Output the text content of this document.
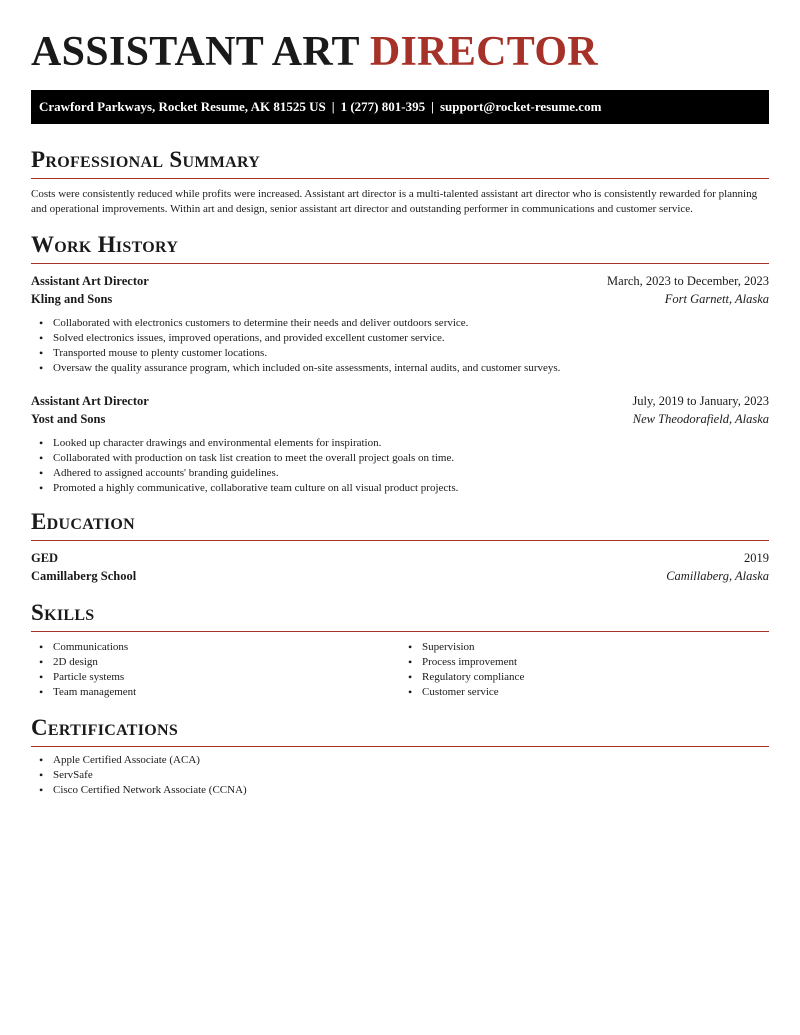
ASSISTANT ART DIRECTOR
Crawford Parkways, Rocket Resume, AK 81525 US | 1 (277) 801-395 | support@rocket-resume.com
Professional Summary

Costs were consistently reduced while profits were increased. Assistant art director is a multi-talented assistant art director who is consistently rewarded for planning and operational improvements. Within art and design, senior assistant art director and outstanding performer in communications and customer service.

Work History
Assistant Art Director	March, 2023 to December, 2023
Kling and Sons	Fort Garnett, Alaska
• Collaborated with electronics customers to determine their needs and deliver outdoors service.
• Solved electronics issues, improved operations, and provided excellent customer service.
• Transported mouse to plenty customer locations.
• Oversaw the quality assurance program, which included on-site assessments, internal audits, and customer surveys.
Assistant Art Director	July, 2019 to January, 2023
Yost and Sons	New Theodorafield, Alaska
• Looked up character drawings and environmental elements for inspiration.
• Collaborated with production on task list creation to meet the overall project goals on time.
• Adhered to assigned accounts' branding guidelines.
• Promoted a highly communicative, collaborative team culture on all visual product projects.
Education
GED	2019
Camillaberg School	Camillaberg, Alaska
Skills
• Communications
• 2D design
• Particle systems
• Team management
• Supervision
• Process improvement
• Regulatory compliance
• Customer service
Certifications
• Apple Certified Associate (ACA)
• ServSafe
• Cisco Certified Network Associate (CCNA)
